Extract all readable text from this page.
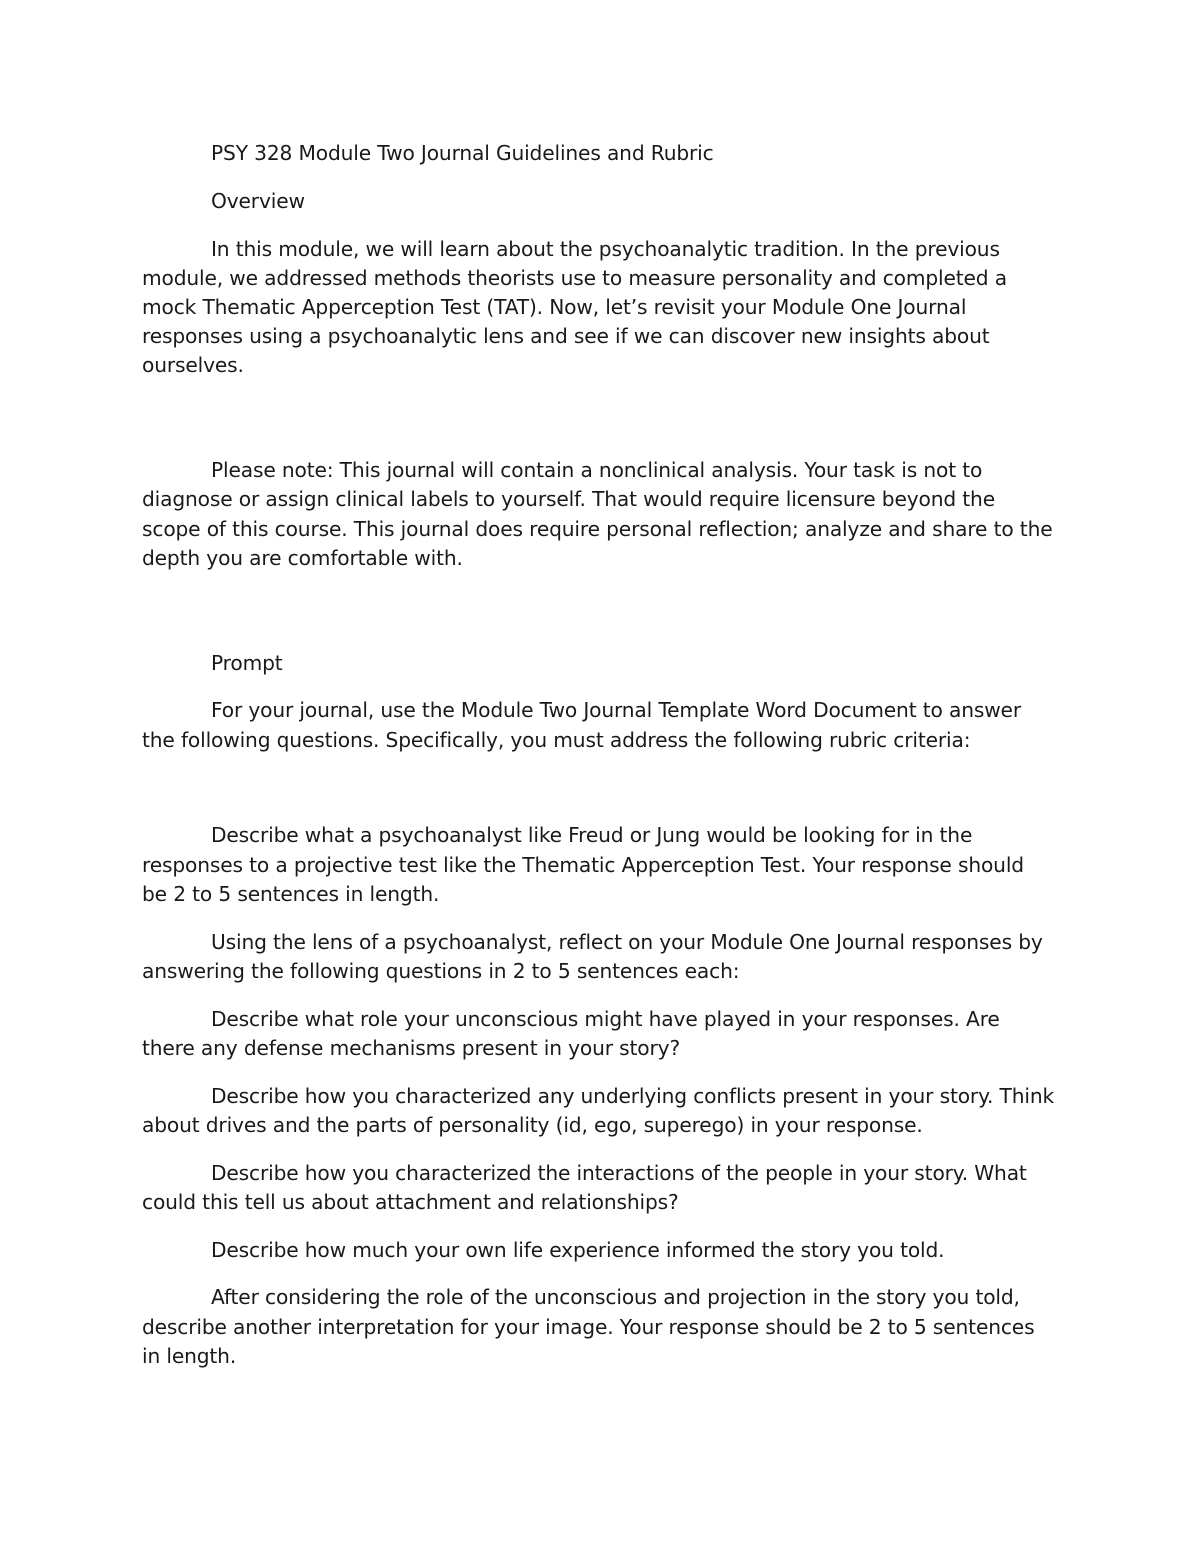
PSY 328 Module Two Journal Guidelines and Rubric

Overview

In this module, we will learn about the psychoanalytic tradition. In the previous module, we addressed methods theorists use to measure personality and completed a mock Thematic Apperception Test (TAT). Now, let’s revisit your Module One Journal responses using a psychoanalytic lens and see if we can discover new insights about ourselves.

Please note: This journal will contain a nonclinical analysis. Your task is not to diagnose or assign clinical labels to yourself. That would require licensure beyond the scope of this course. This journal does require personal reflection; analyze and share to the depth you are comfortable with.

Prompt

For your journal, use the Module Two Journal Template Word Document to answer the following questions. Specifically, you must address the following rubric criteria:

Describe what a psychoanalyst like Freud or Jung would be looking for in the responses to a projective test like the Thematic Apperception Test. Your response should be 2 to 5 sentences in length.

Using the lens of a psychoanalyst, reflect on your Module One Journal responses by answering the following questions in 2 to 5 sentences each:

Describe what role your unconscious might have played in your responses. Are there any defense mechanisms present in your story?

Describe how you characterized any underlying conflicts present in your story. Think about drives and the parts of personality (id, ego, superego) in your response.

Describe how you characterized the interactions of the people in your story. What could this tell us about attachment and relationships?

Describe how much your own life experience informed the story you told.

After considering the role of the unconscious and projection in the story you told, describe another interpretation for your image. Your response should be 2 to 5 sentences in length.
